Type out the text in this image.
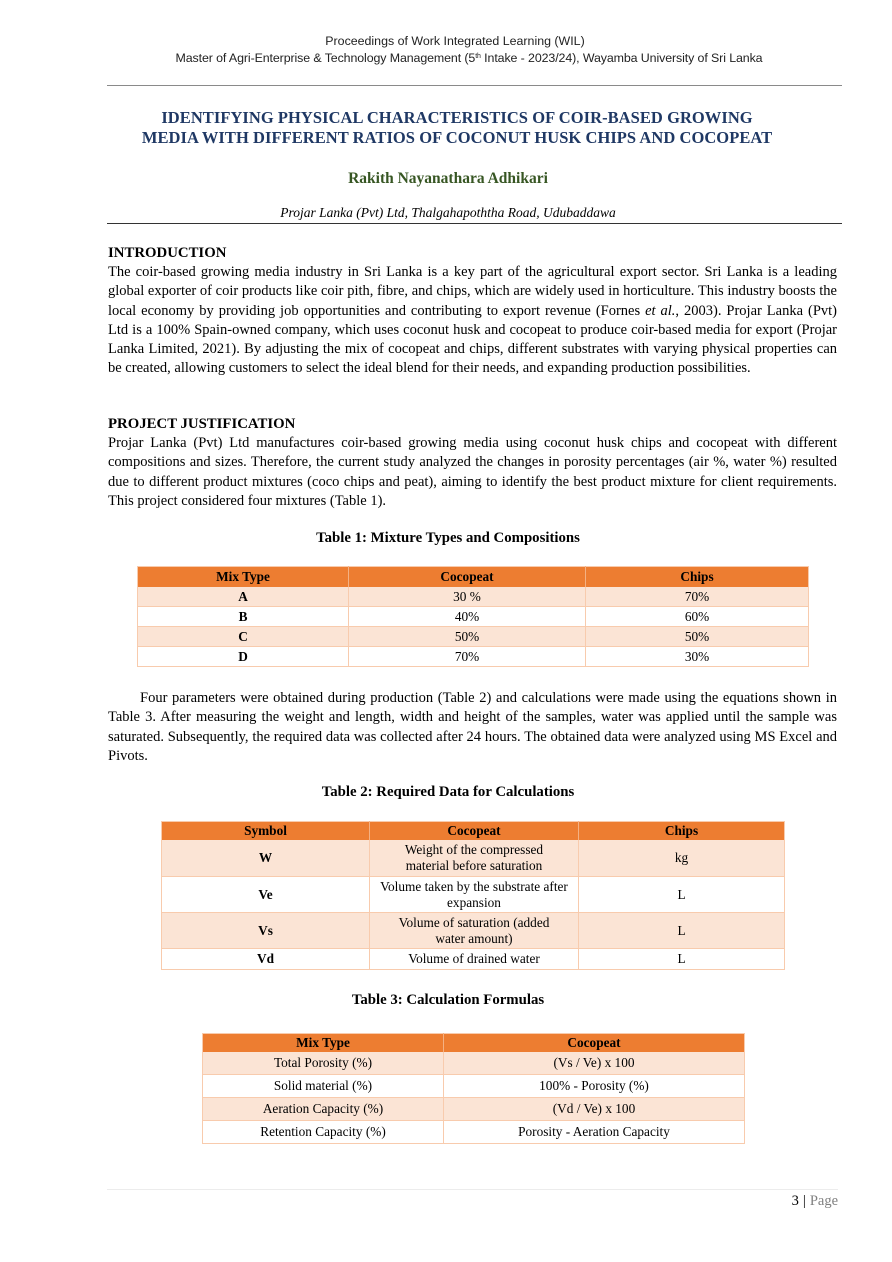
Proceedings of Work Integrated Learning (WIL)
Master of Agri-Enterprise & Technology Management (5th Intake - 2023/24), Wayamba University of Sri Lanka
IDENTIFYING PHYSICAL CHARACTERISTICS OF COIR-BASED GROWING
MEDIA WITH DIFFERENT RATIOS OF COCONUT HUSK CHIPS AND COCOPEAT
Rakith Nayanathara Adhikari
Projar Lanka (Pvt) Ltd, Thalgahapoththa Road, Udubaddawa
INTRODUCTION

The coir-based growing media industry in Sri Lanka is a key part of the agricultural export sector. Sri Lanka is a leading global exporter of coir products like coir pith, fibre, and chips, which are widely used in horticulture. This industry boosts the local economy by providing job opportunities and contributing to export revenue (Fornes et al., 2003). Projar Lanka (Pvt) Ltd is a 100% Spain-owned company, which uses coconut husk and cocopeat to produce coir-based media for export (Projar Lanka Limited, 2021). By adjusting the mix of cocopeat and chips, different substrates with varying physical properties can be created, allowing customers to select the ideal blend for their needs, and expanding production possibilities.

PROJECT JUSTIFICATION

Projar Lanka (Pvt) Ltd manufactures coir-based growing media using coconut husk chips and cocopeat with different compositions and sizes. Therefore, the current study analyzed the changes in porosity percentages (air %, water %) resulted due to different product mixtures (coco chips and peat), aiming to identify the best product mixture for client requirements. This project considered four mixtures (Table 1).

Table 1: Mixture Types and Compositions
Mix Type	Cocopeat	Chips
A	30 %	70%
B	40%	60%
C	50%	50%
D	70%	30%
Four parameters were obtained during production (Table 2) and calculations were made using the equations shown in Table 3. After measuring the weight and length, width and height of the samples, water was applied until the sample was saturated. Subsequently, the required data was collected after 24 hours. The obtained data were analyzed using MS Excel and Pivots.
Table 2: Required Data for Calculations
Symbol	Cocopeat	Chips
W	Weight of the compressed material before saturation	kg
Ve	Volume taken by the substrate after expansion	L
Vs	Volume of saturation (added water amount)	L
Vd	Volume of drained water	L
Table 3: Calculation Formulas
Mix Type	Cocopeat
Total Porosity (%)	(Vs / Ve) x 100
Solid material (%)	100% - Porosity (%)
Aeration Capacity (%)	(Vd / Ve) x 100
Retention Capacity (%)	Porosity - Aeration Capacity
3 | Page
